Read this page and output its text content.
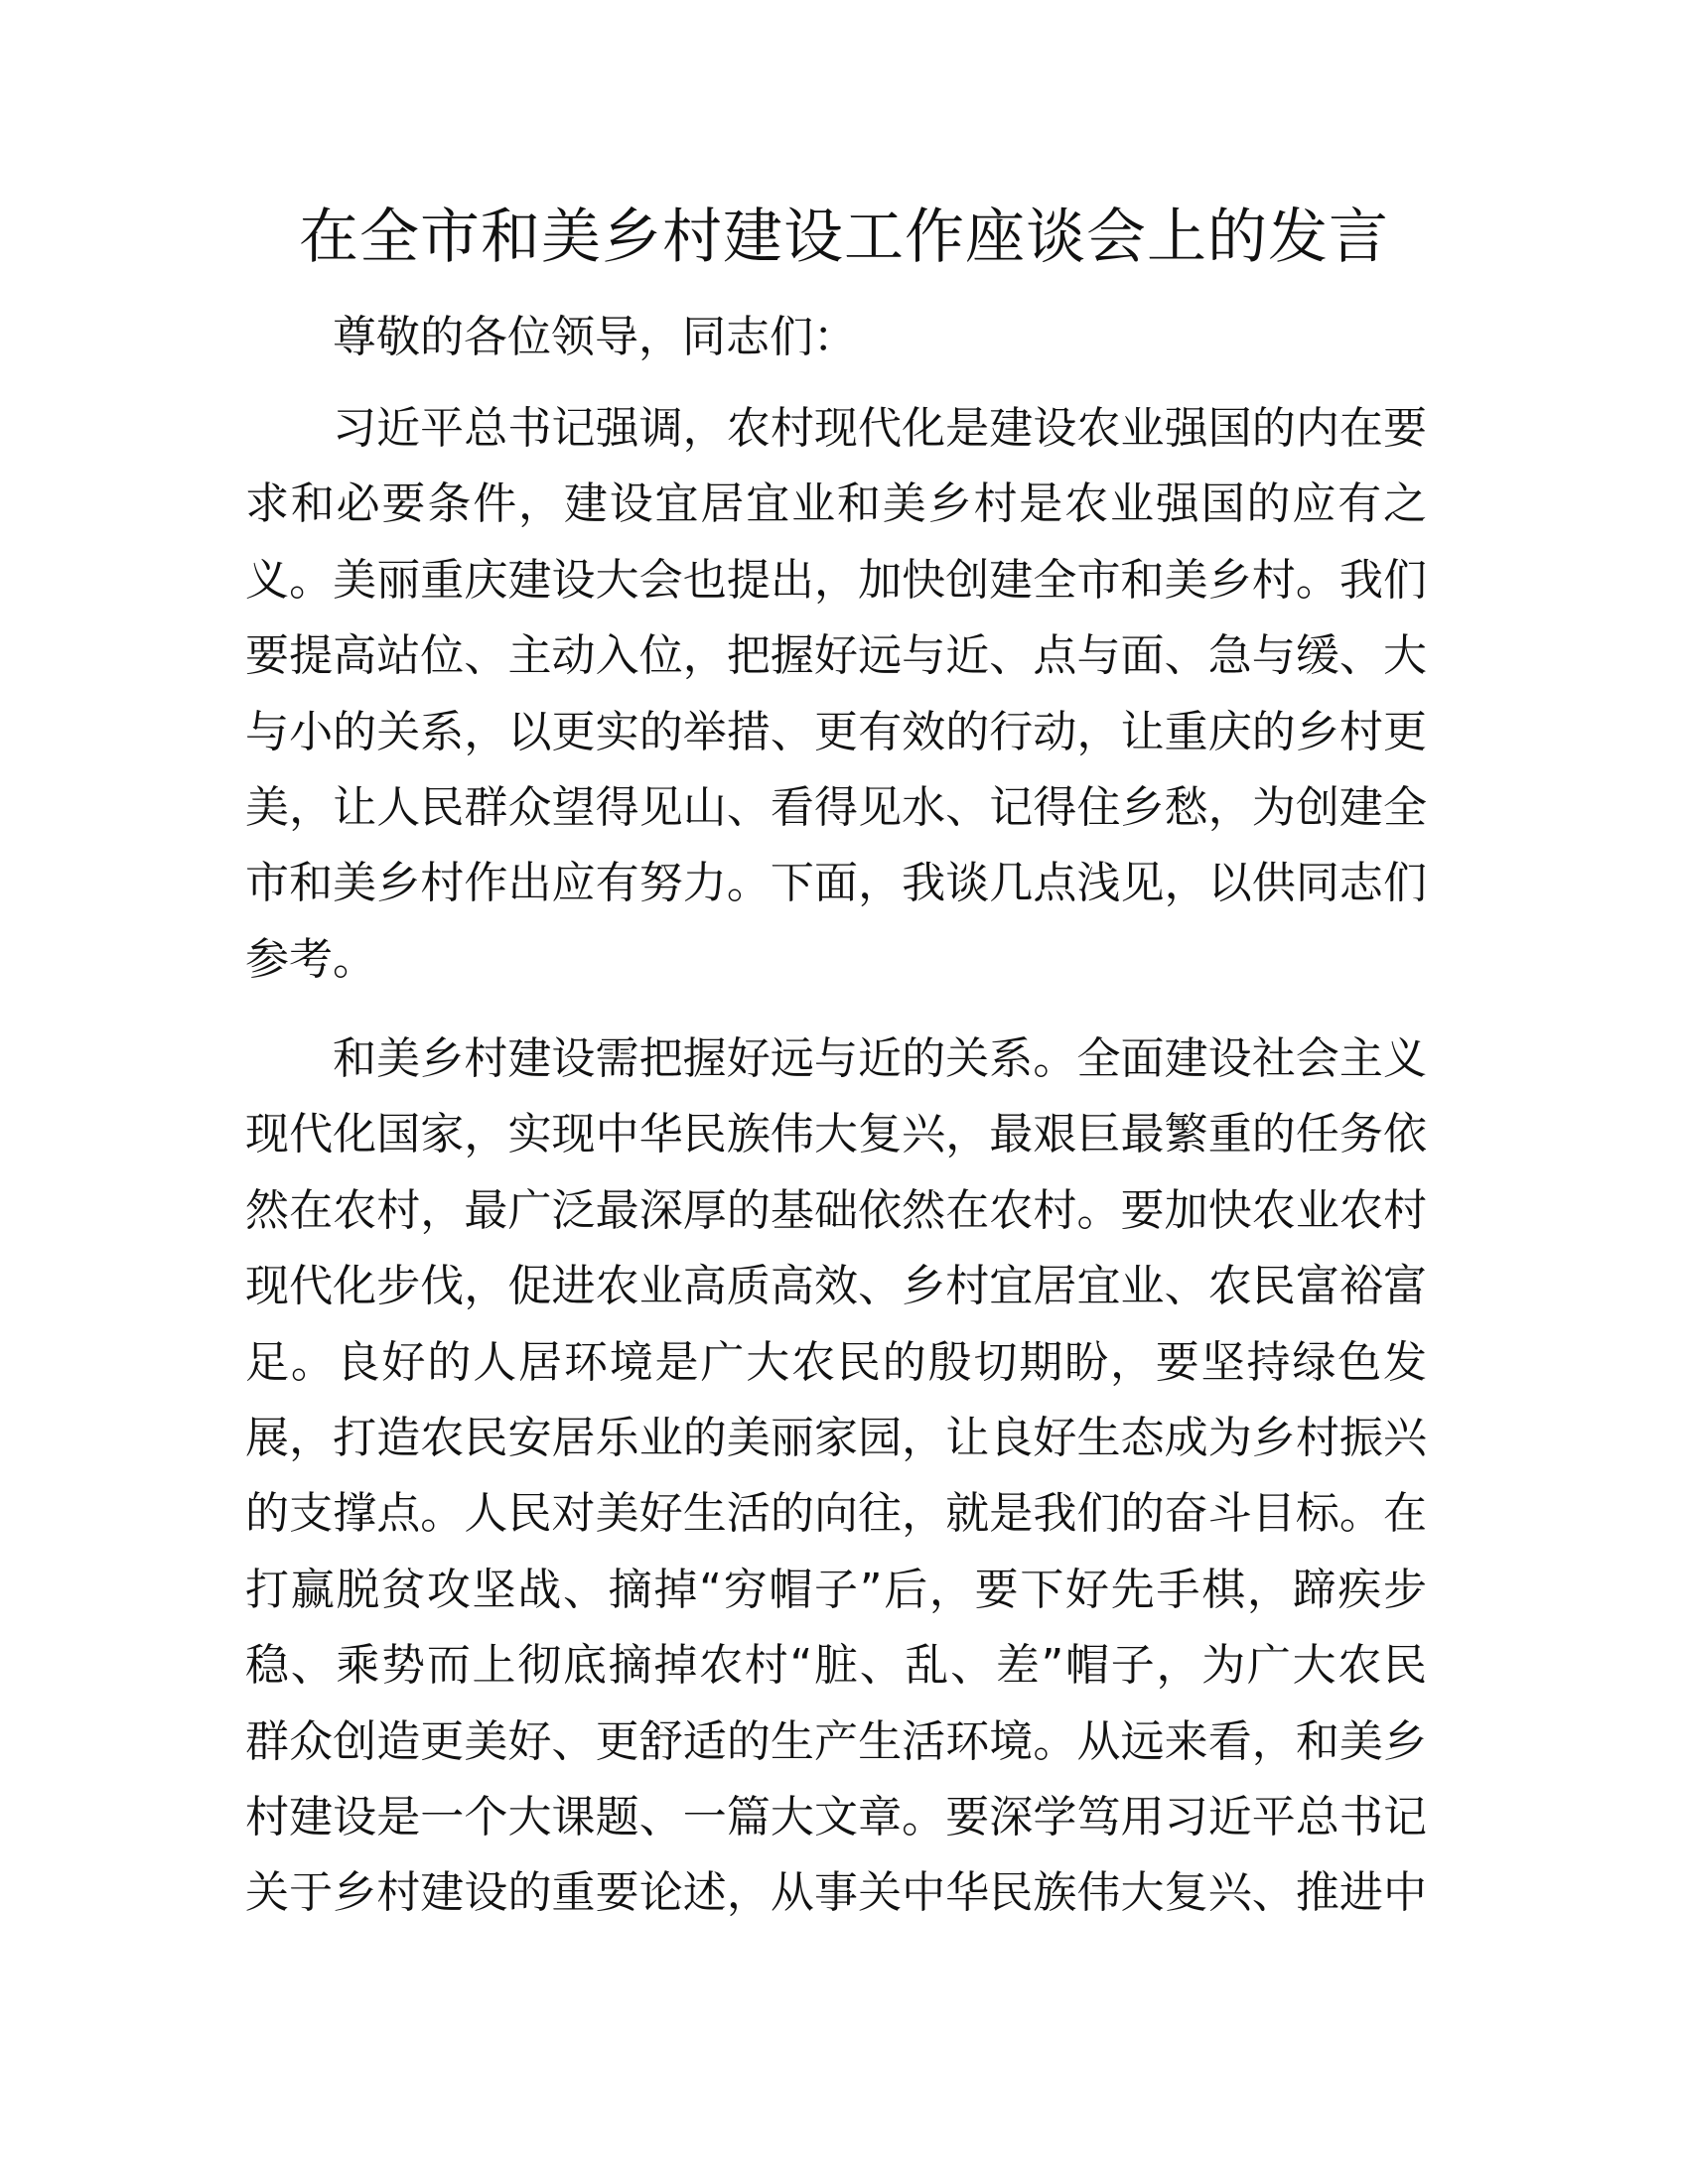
在全市和美乡村建设工作座谈会上的发言
尊敬的各位领导，同志们：
习近平总书记强调，农村现代化是建设农业强国的内在要
求和必要条件，建设宜居宜业和美乡村是农业强国的应有之
义。美丽重庆建设大会也提出，加快创建全市和美乡村。我们
要提高站位、主动入位，把握好远与近、点与面、急与缓、大
与小的关系，以更实的举措、更有效的行动，让重庆的乡村更
美，让人民群众望得见山、看得见水、记得住乡愁，为创建全
市和美乡村作出应有努力。下面，我谈几点浅见，以供同志们
参考。
和美乡村建设需把握好远与近的关系。全面建设社会主义
现代化国家，实现中华民族伟大复兴，最艰巨最繁重的任务依
然在农村，最广泛最深厚的基础依然在农村。要加快农业农村
现代化步伐，促进农业高质高效、乡村宜居宜业、农民富裕富
足。良好的人居环境是广大农民的殷切期盼，要坚持绿色发
展，打造农民安居乐业的美丽家园，让良好生态成为乡村振兴
的支撑点。人民对美好生活的向往，就是我们的奋斗目标。在
打赢脱贫攻坚战、摘掉“穷帽子”后，要下好先手棋，蹄疾步
稳、乘势而上彻底摘掉农村“脏、乱、差”帽子，为广大农民
群众创造更美好、更舒适的生产生活环境。从远来看，和美乡
村建设是一个大课题、一篇大文章。要深学笃用习近平总书记
关于乡村建设的重要论述，从事关中华民族伟大复兴、推进中
